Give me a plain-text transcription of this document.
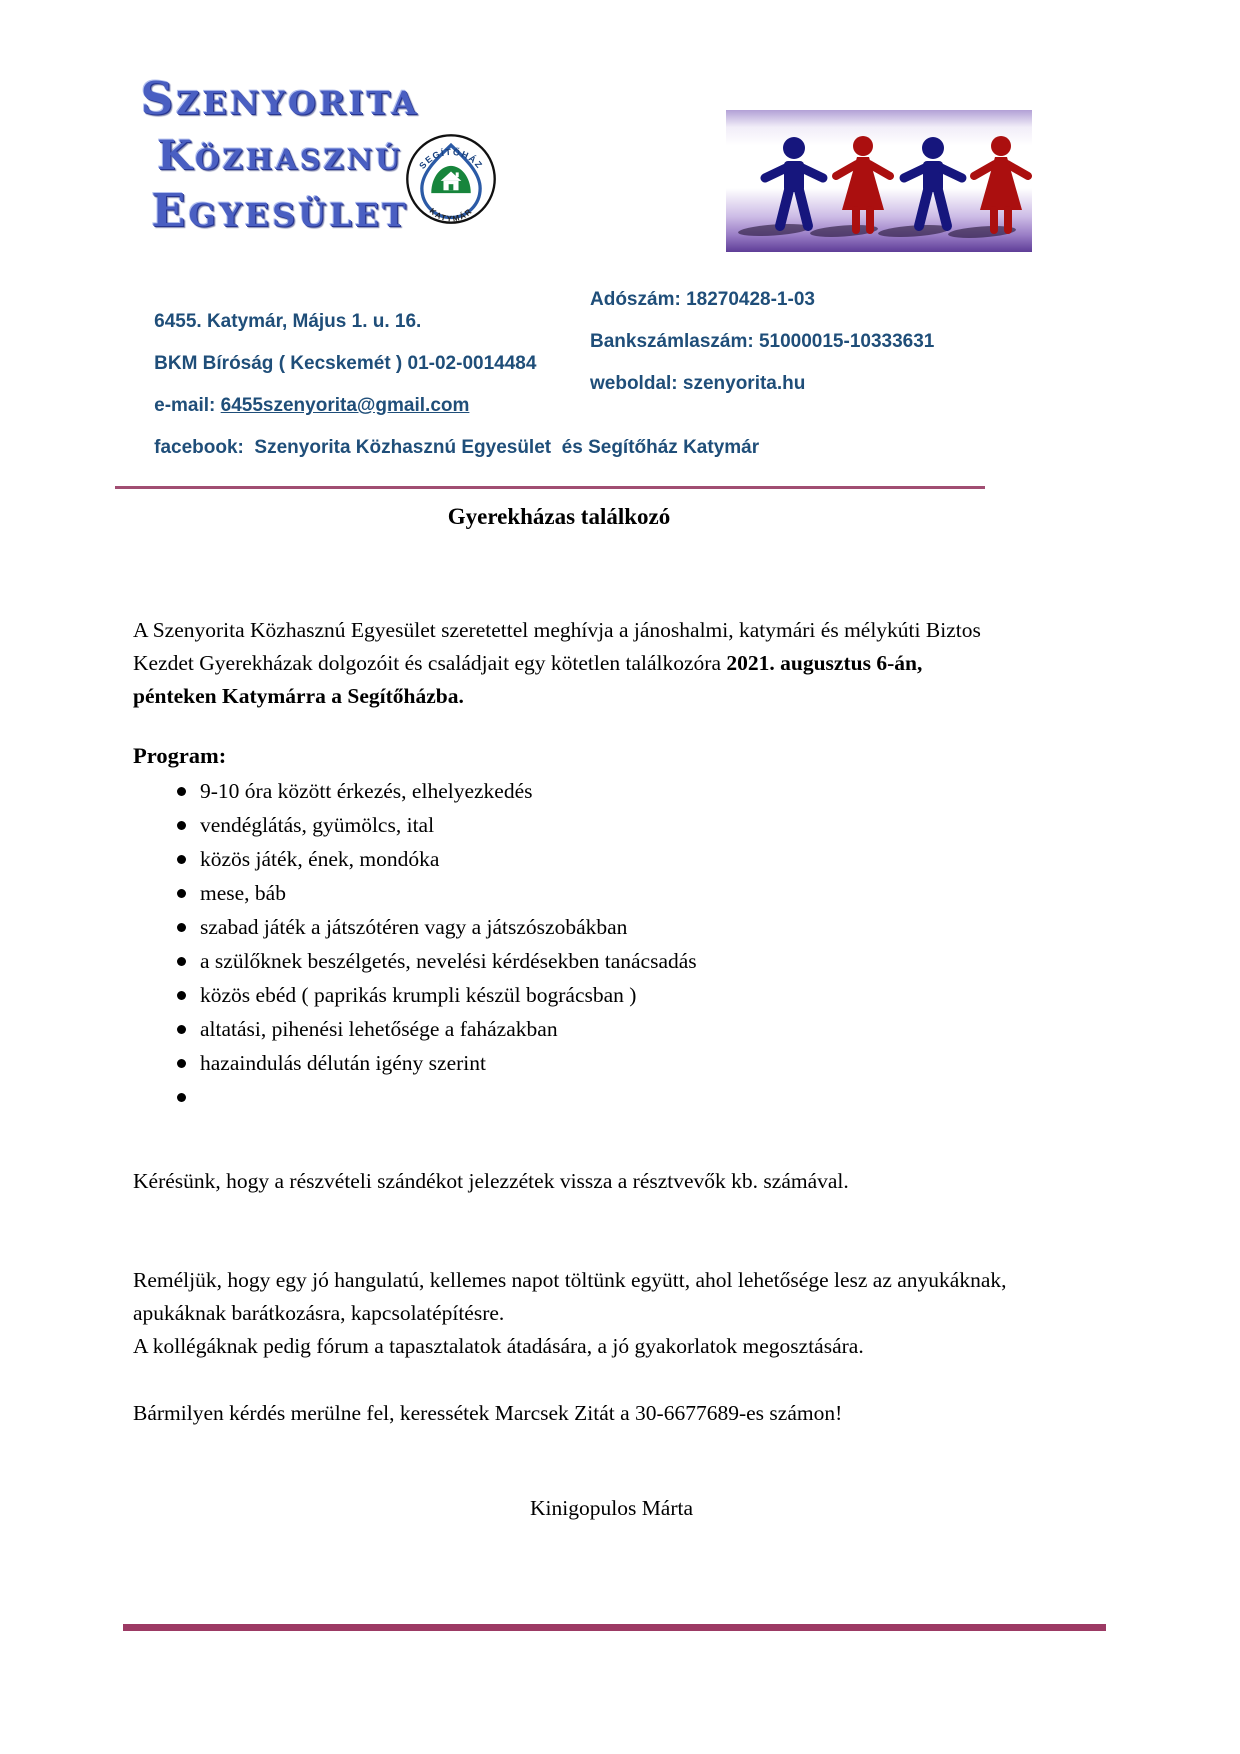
Szenyorita
Közhasznú
Egyesület
SEGÍTŐHÁZ
KATYMÁR

6455. Katymár, Május 1. u. 16.

Adószám: 18270428-1-03

BKM Bíróság ( Kecskemét ) 01-02-0014484

Bankszámlaszám: 51000015-10333631

e-mail: 6455szenyorita@gmail.com

weboldal: szenyorita.hu

facebook:  Szenyorita Közhasznú Egyesület  és Segítőház Katymár

Gyerekházas találkozó

A Szenyorita Közhasznú Egyesület szeretettel meghívja a jánoshalmi, katymári és mélykúti Biztos Kezdet Gyerekházak dolgozóit és családjait egy kötetlen találkozóra 2021. augusztus 6-án, pénteken Katymárra a Segítőházba.

Program:
9-10 óra között érkezés, elhelyezkedés
vendéglátás, gyümölcs, ital
közös játék, ének, mondóka
mese, báb
szabad játék a játszótéren vagy a játszószobákban
a szülőknek beszélgetés, nevelési kérdésekben tanácsadás
közös ebéd ( paprikás krumpli készül bográcsban )
altatási, pihenési lehetősége a faházakban
hazaindulás délután igény szerint

Kérésünk, hogy a részvételi szándékot jelezzétek vissza a résztvevők kb. számával.

Reméljük, hogy egy jó hangulatú, kellemes napot töltünk együtt, ahol lehetősége lesz az anyukáknak, apukáknak barátkozásra, kapcsolatépítésre.

A kollégáknak pedig fórum a tapasztalatok átadására, a jó gyakorlatok megosztására.

Bármilyen kérdés merülne fel, keressétek Marcsek Zitát a 30-6677689-es számon!

Kinigopulos Márta
